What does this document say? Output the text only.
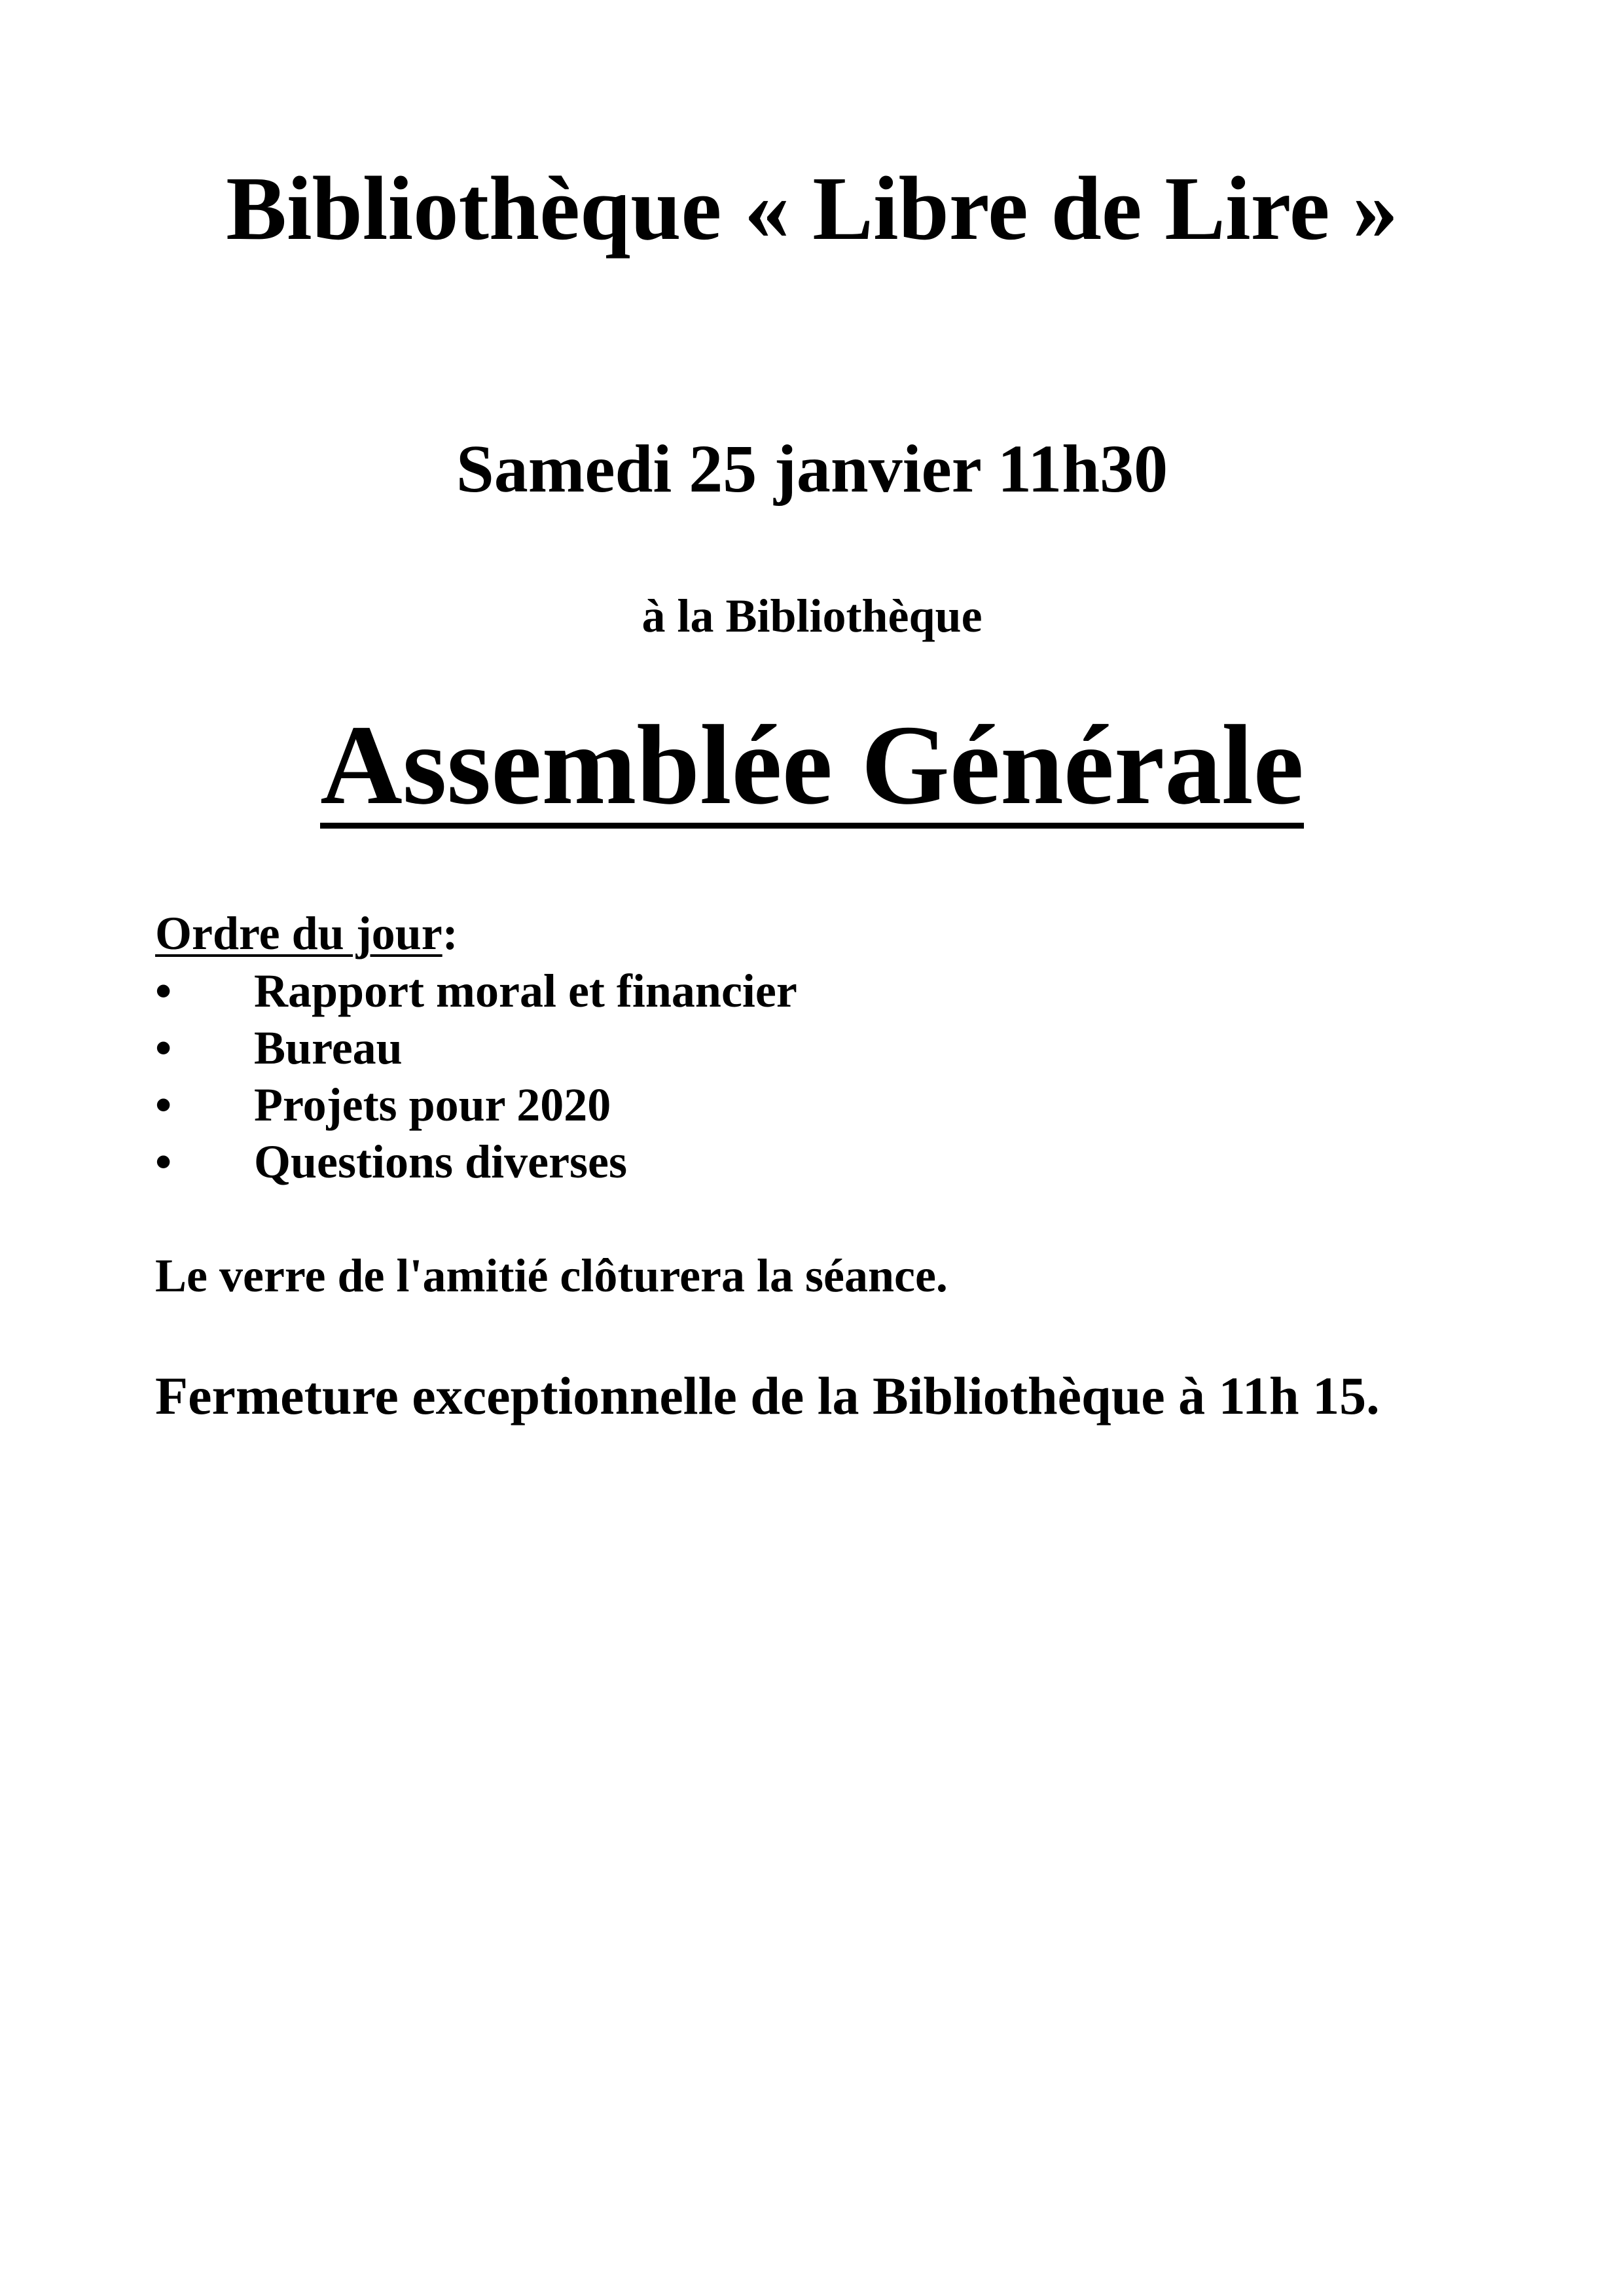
Bibliothèque « Libre de Lire »
Samedi 25 janvier 11h30
à la Bibliothèque
Assemblée Générale
Ordre du jour:
•	Rapport moral et financier
•	Bureau
•	Projets pour 2020
•	Questions diverses
Le verre de l'amitié clôturera la séance.
Fermeture exceptionnelle de la Bibliothèque à 11h 15.
